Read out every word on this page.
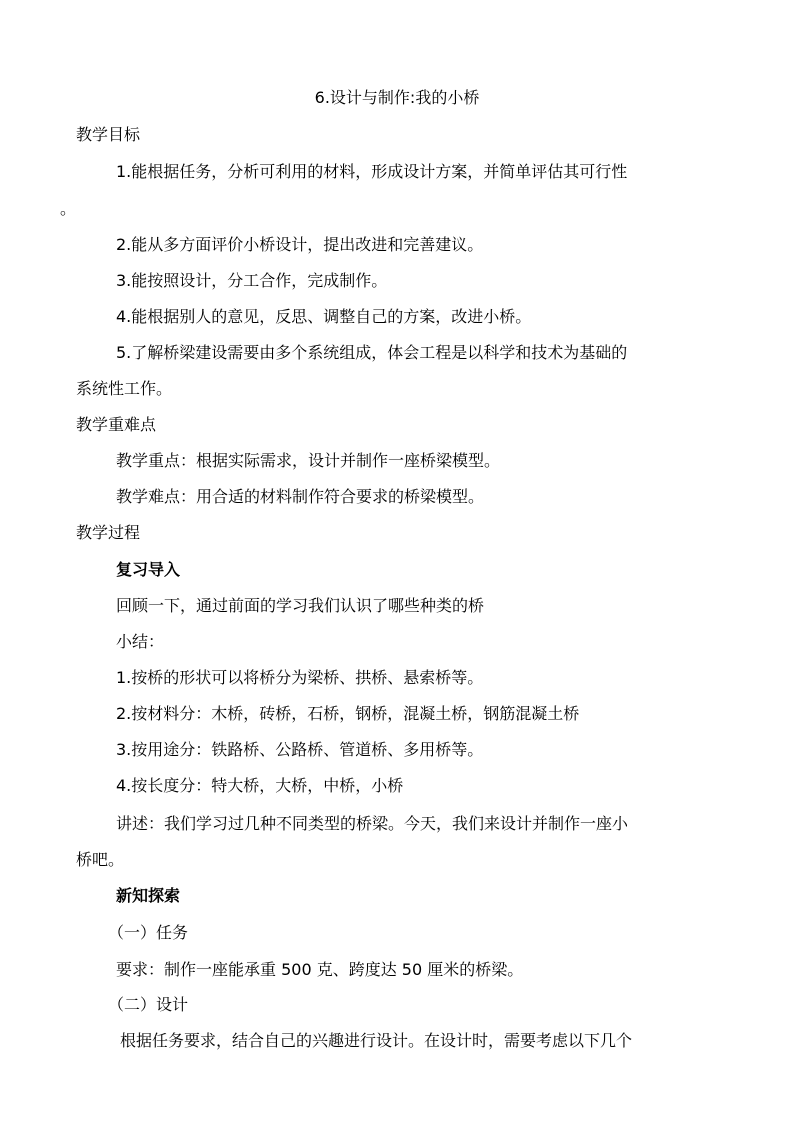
6.设计与制作:我的小桥
教学目标
1.能根据任务，分析可利用的材料，形成设计方案，并简单评估其可行性
。
2.能从多方面评价小桥设计，提出改进和完善建议。
3.能按照设计，分工合作，完成制作。
4.能根据别人的意见，反思、调整自己的方案，改进小桥。
5.了解桥梁建设需要由多个系统组成，体会工程是以科学和技术为基础的
系统性工作。
教学重难点
教学重点：根据实际需求，设计并制作一座桥梁模型。
教学难点：用合适的材料制作符合要求的桥梁模型。
教学过程
复习导入
回顾一下，通过前面的学习我们认识了哪些种类的桥
小结：
1.按桥的形状可以将桥分为梁桥、拱桥、悬索桥等。
2.按材料分：木桥，砖桥，石桥，钢桥，混凝土桥，钢筋混凝土桥
3.按用途分：铁路桥、公路桥、管道桥、多用桥等。
4.按长度分：特大桥，大桥，中桥，小桥
讲述：我们学习过几种不同类型的桥梁。今天，我们来设计并制作一座小
桥吧。
新知探索
（一）任务
要求：制作一座能承重 500 克、跨度达 50 厘米的桥梁。
（二）设计
根据任务要求，结合自己的兴趣进行设计。在设计时，需要考虑以下几个
